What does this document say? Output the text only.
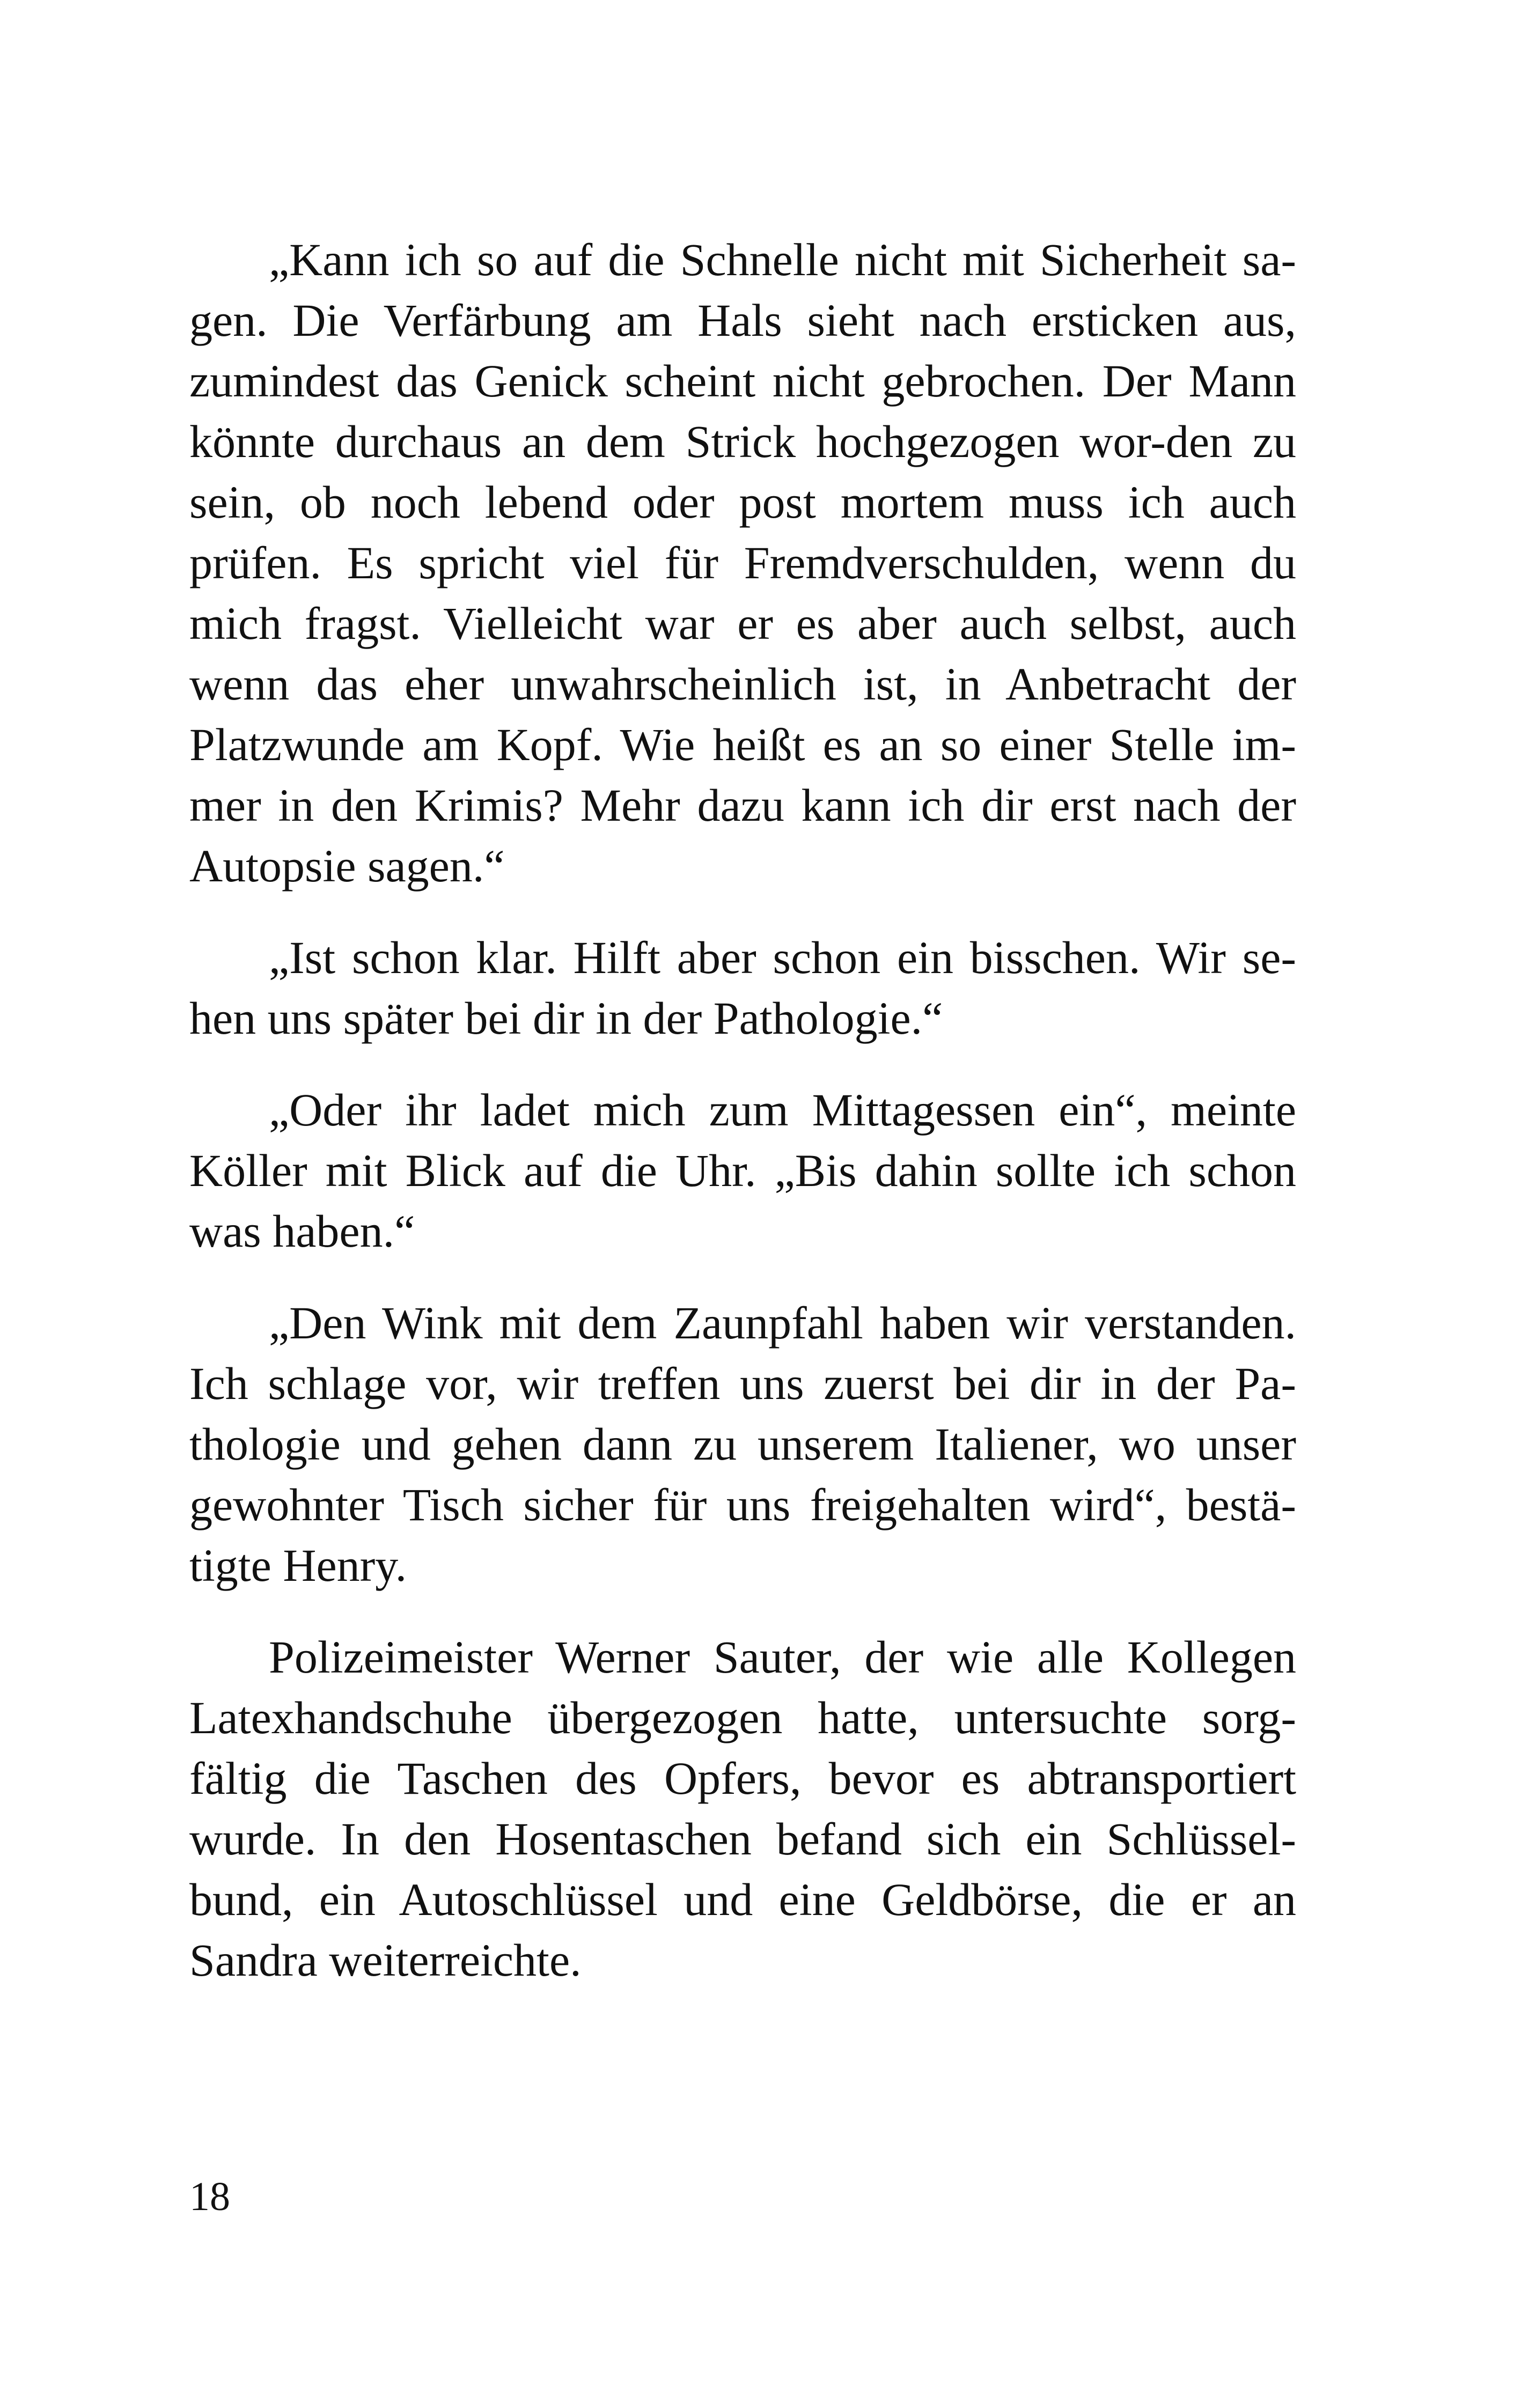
„Kann ich so auf die Schnelle nicht mit Sicherheit sa-gen. Die Verfärbung am Hals sieht nach ersticken aus, zumindest das Genick scheint nicht gebrochen. Der Mann könnte durchaus an dem Strick hochgezogen wor-den zu sein, ob noch lebend oder post mortem muss ich auch prüfen. Es spricht viel für Fremdverschulden, wenn du mich fragst. Vielleicht war er es aber auch selbst, auch wenn das eher unwahrscheinlich ist, in Anbetracht der Platzwunde am Kopf. Wie heißt es an so einer Stelle im-mer in den Krimis? Mehr dazu kann ich dir erst nach der Autopsie sagen.“

„Ist schon klar. Hilft aber schon ein bisschen. Wir se-hen uns später bei dir in der Pathologie.“

„Oder ihr ladet mich zum Mittagessen ein“, meinte Köller mit Blick auf die Uhr. „Bis dahin sollte ich schon was haben.“

„Den Wink mit dem Zaunpfahl haben wir verstanden. Ich schlage vor, wir treffen uns zuerst bei dir in der Pa-thologie und gehen dann zu unserem Italiener, wo unser gewohnter Tisch sicher für uns freigehalten wird“, bestä-tigte Henry.

Polizeimeister Werner Sauter, der wie alle Kollegen Latexhandschuhe übergezogen hatte, untersuchte sorg-fältig die Taschen des Opfers, bevor es abtransportiert wurde. In den Hosentaschen befand sich ein Schlüssel-bund, ein Autoschlüssel und eine Geldbörse, die er an Sandra weiterreichte.

18
